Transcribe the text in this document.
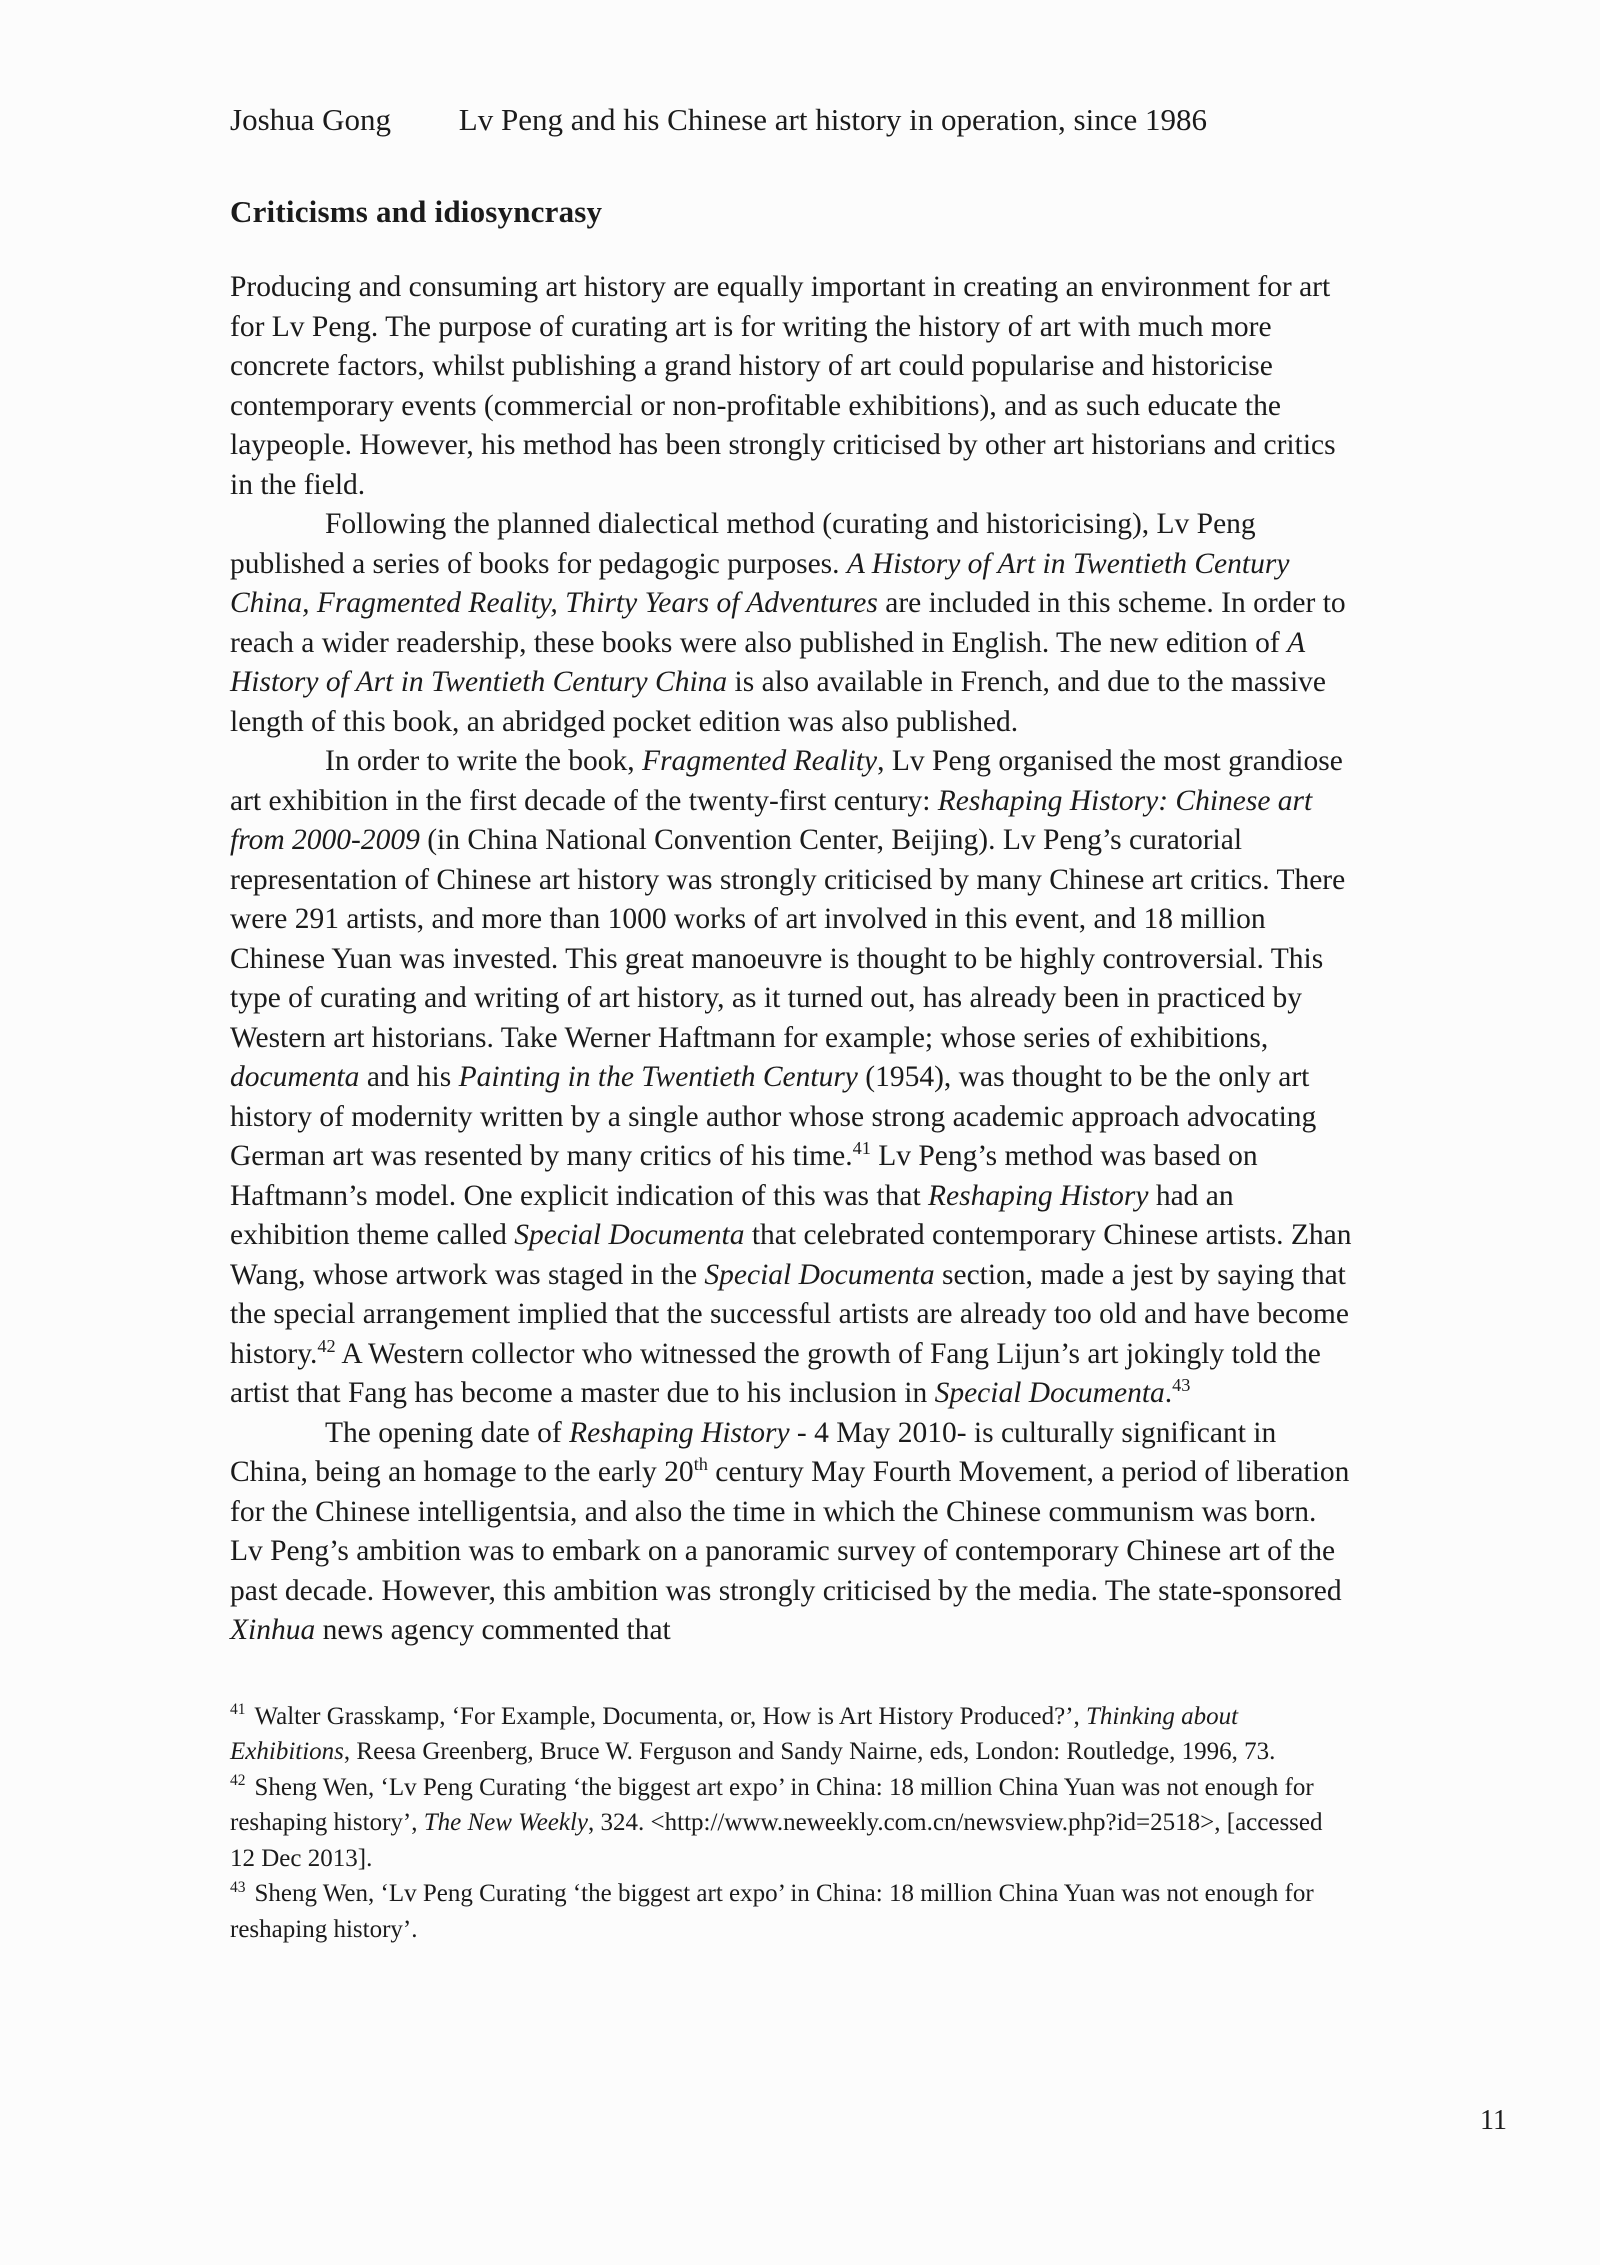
Joshua Gong Lv Peng and his Chinese art history in operation, since 1986
Criticisms and idiosyncrasy

Producing and consuming art history are equally important in creating an environment for art for Lv Peng. The purpose of curating art is for writing the history of art with much more concrete factors, whilst publishing a grand history of art could popularise and historicise contemporary events (commercial or non-profitable exhibitions), and as such educate the laypeople. However, his method has been strongly criticised by other art historians and critics in the field.

Following the planned dialectical method (curating and historicising), Lv Peng published a series of books for pedagogic purposes. A History of Art in Twentieth Century China, Fragmented Reality, Thirty Years of Adventures are included in this scheme. In order to reach a wider readership, these books were also published in English. The new edition of A History of Art in Twentieth Century China is also available in French, and due to the massive length of this book, an abridged pocket edition was also published.

In order to write the book, Fragmented Reality, Lv Peng organised the most grandiose art exhibition in the first decade of the twenty-first century: Reshaping History: Chinese art from 2000-2009 (in China National Convention Center, Beijing). Lv Peng’s curatorial representation of Chinese art history was strongly criticised by many Chinese art critics. There were 291 artists, and more than 1000 works of art involved in this event, and 18 million Chinese Yuan was invested. This great manoeuvre is thought to be highly controversial. This type of curating and writing of art history, as it turned out, has already been in practiced by Western art historians. Take Werner Haftmann for example; whose series of exhibitions, documenta and his Painting in the Twentieth Century (1954), was thought to be the only art history of modernity written by a single author whose strong academic approach advocating German art was resented by many critics of his time.$^{41}$ Lv Peng’s method was based on Haftmann’s model. One explicit indication of this was that Reshaping History had an exhibition theme called Special Documenta that celebrated contemporary Chinese artists. Zhan Wang, whose artwork was staged in the Special Documenta section, made a jest by saying that the special arrangement implied that the successful artists are already too old and have become history.$^{42}$ A Western collector who witnessed the growth of Fang Lijun’s art jokingly told the artist that Fang has become a master due to his inclusion in Special Documenta.$^{43}$

The opening date of Reshaping History - 4 May 2010- is culturally significant in China, being an homage to the early 20th century May Fourth Movement, a period of liberation for the Chinese intelligentsia, and also the time in which the Chinese communism was born. Lv Peng’s ambition was to embark on a panoramic survey of contemporary Chinese art of the past decade. However, this ambition was strongly criticised by the media. The state-sponsored Xinhua news agency commented that

$^{41}$ Walter Grasskamp, ‘For Example, Documenta, or, How is Art History Produced?’, Thinking about Exhibitions, Reesa Greenberg, Bruce W. Ferguson and Sandy Nairne, eds, London: Routledge, 1996, 73.

$^{42}$ Sheng Wen, ‘Lv Peng Curating ‘the biggest art expo’ in China: 18 million China Yuan was not enough for reshaping history’, The New Weekly, 324. <http://www.neweekly.com.cn/newsview.php?id=2518>, [accessed 12 Dec 2013].

$^{43}$ Sheng Wen, ‘Lv Peng Curating ‘the biggest art expo’ in China: 18 million China Yuan was not enough for reshaping history’.

11
